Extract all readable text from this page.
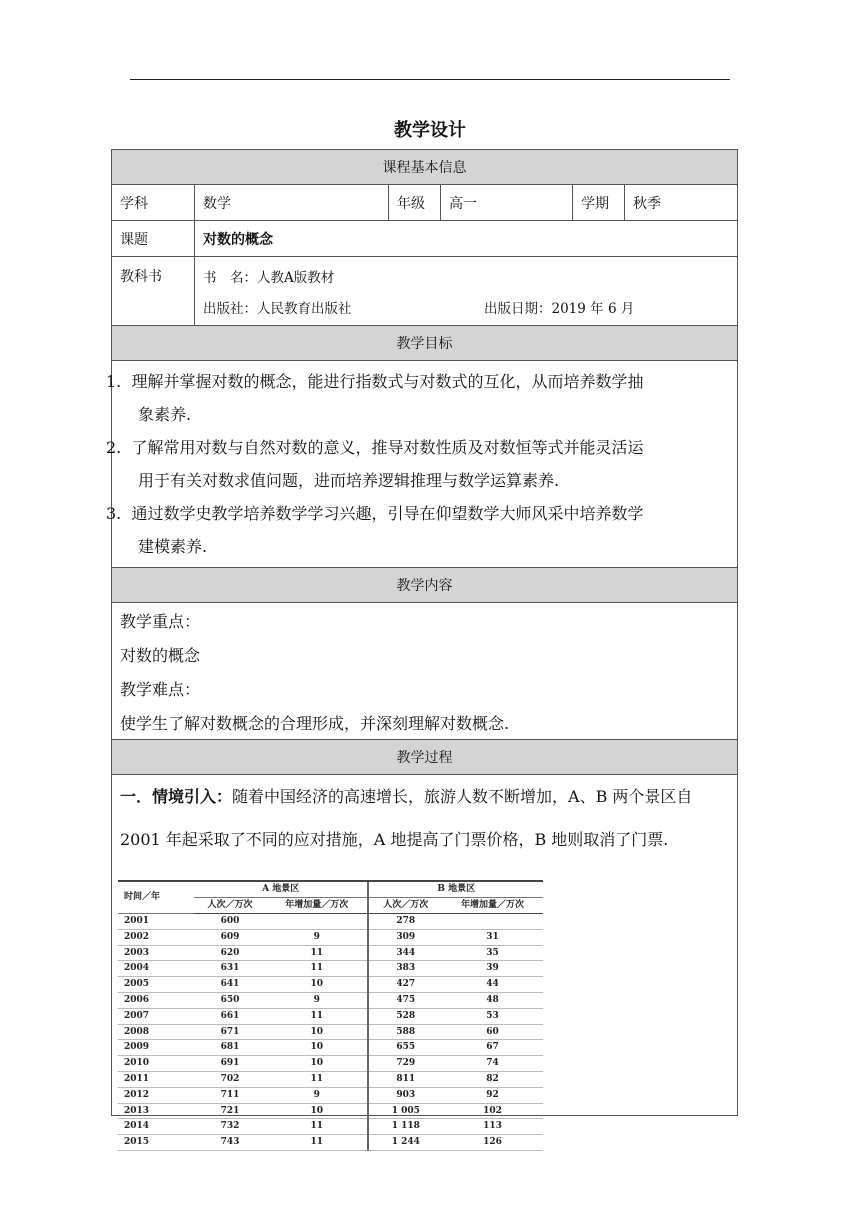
教学设计
课程基本信息
学科	数学	年级	高一	学期	秋季
课题	对数的概念
教科书	书　名：人教A版教材
出版社：人民教育出版社	出版日期：2019 年 6 月
教学目标

1. 理解并掌握对数的概念，能进行指数式与对数式的互化，从而培养数学抽

象素养.

2. 了解常用对数与自然对数的意义，推导对数性质及对数恒等式并能灵活运

用于有关对数求值问题，进而培养逻辑推理与数学运算素养.

3. 通过数学史教学培养数学学习兴趣，引导在仰望数学大师风采中培养数学

建模素养.

教学内容

教学重点：

对数的概念

教学难点：

使学生了解对数概念的合理形成，并深刻理解对数概念.

教学过程

一．情境引入：随着中国经济的高速增长，旅游人数不断增加，A、B 两个景区自

2001 年起采取了不同的应对措施，A 地提高了门票价格，B 地则取消了门票.

时间／年	A 地景区		B 地景区	
	人次／万次	年增加量／万次	人次／万次	年增加量／万次
2001	600		278	
2002	609	9	309	31
2003	620	11	344	35
2004	631	11	383	39
2005	641	10	427	44
2006	650	9	475	48
2007	661	11	528	53
2008	671	10	588	60
2009	681	10	655	67
2010	691	10	729	74
2011	702	11	811	82
2012	711	9	903	92
2013	721	10	1 005	102
2014	732	11	1 118	113
2015	743	11	1 244	126
